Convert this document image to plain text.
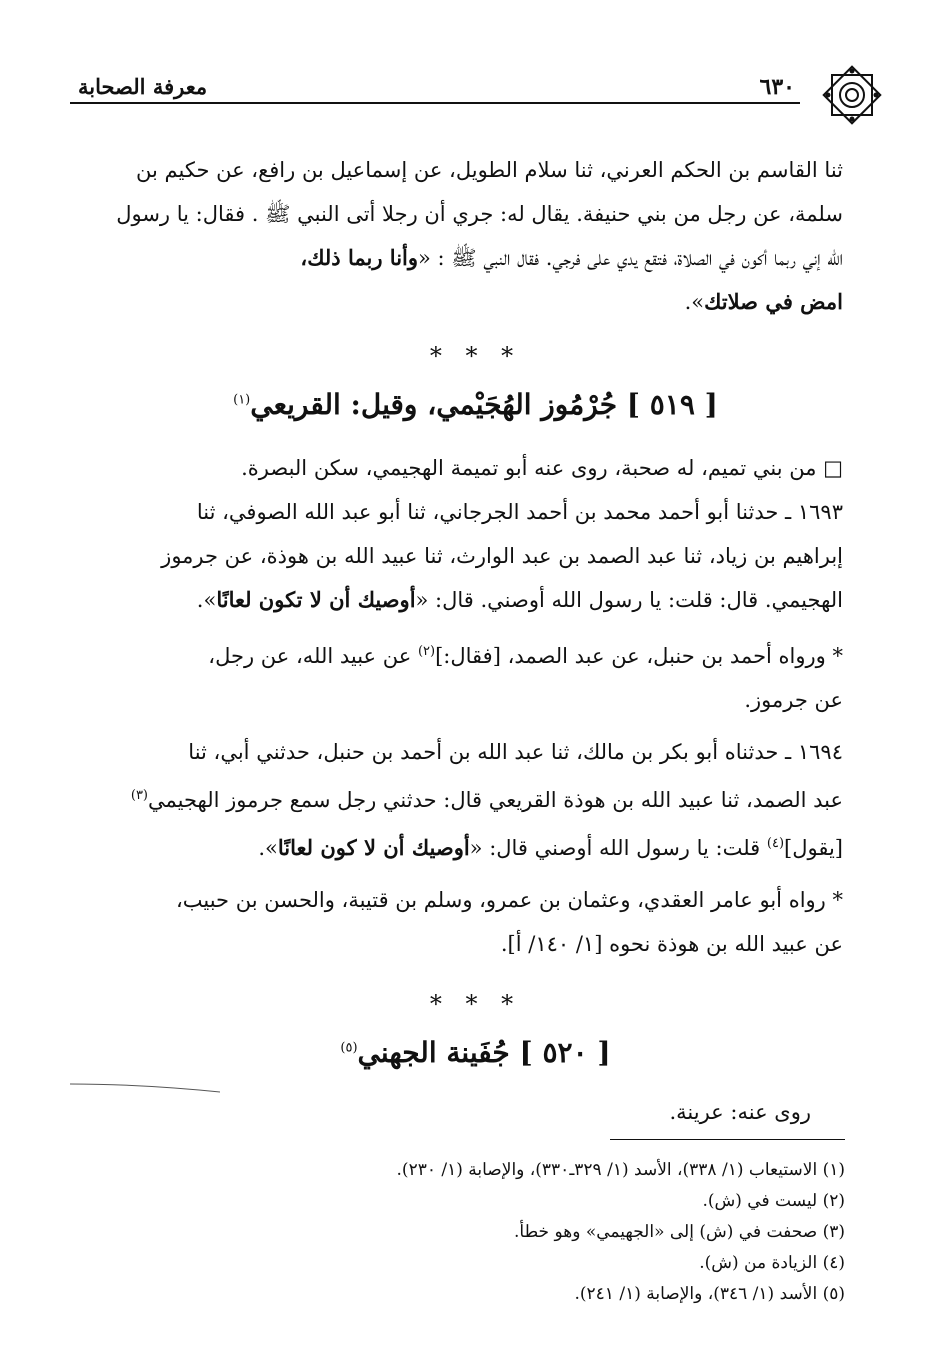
معرفة الصحابة	٦٣٠

ثنا القاسم بن الحكم العرني، ثنا سلام الطويل، عن إسماعيل بن رافع، عن حكيم بن

سلمة، عن رجل من بني حنيفة. يقال له: جري أن رجلا أتى النبي ﷺ . فقال: يا رسول

الله إني ربما أكون في الصلاة، فتقع يدي على فرجي. فقال النبي ﷺ : «وأنا ربما ذلك،

امض في صلاتك».

* * *
[ ٥١٩ ] جُرْمُوز الهُجَيْمي، وقيل: القريعي$^{(١)}$

□ من بني تميم، له صحبة، روى عنه أبو تميمة الهجيمي، سكن البصرة.

١٦٩٣ ـ حدثنا أبو أحمد محمد بن أحمد الجرجاني، ثنا أبو عبد الله الصوفي، ثنا

إبراهيم بن زياد، ثنا عبد الصمد بن عبد الوارث، ثنا عبيد الله بن هوذة، عن جرموز

الهجيمي. قال: قلت: يا رسول الله أوصني. قال: «أوصيك أن لا تكون لعانًا».

* ورواه أحمد بن حنبل، عن عبد الصمد، [فقال:]$^{(٢)}$ عن عبيد الله، عن رجل،

عن جرموز.

١٦٩٤ ـ حدثناه أبو بكر بن مالك، ثنا عبد الله بن أحمد بن حنبل، حدثني أبي، ثنا

عبد الصمد، ثنا عبيد الله بن هوذة القريعي قال: حدثني رجل سمع جرموز الهجيمي$^{(٣)}$

[يقول]$^{(٤)}$ قلت: يا رسول الله أوصني قال: «أوصيك أن لا كون لعانًا».

* رواه أبو عامر العقدي، وعثمان بن عمرو، وسلم بن قتيبة، والحسن بن حبيب،

عن عبيد الله بن هوذة نحوه [١/ ١٤٠/ أ].

* * *
[ ٥٢٠ ] جُفَينة الجهني$^{(٥)}$

روى عنه: عرينة.

(١) الاستيعاب (١/ ٣٣٨)، الأسد (١/ ٣٢٩ـ٣٣٠)، والإصابة (١/ ٢٣٠).
(٢) ليست في (ش).
(٣) صحفت في (ش) إلى «الجهيمي» وهو خطأ.
(٤) الزيادة من (ش).
(٥) الأسد (١/ ٣٤٦)، والإصابة (١/ ٢٤١).
